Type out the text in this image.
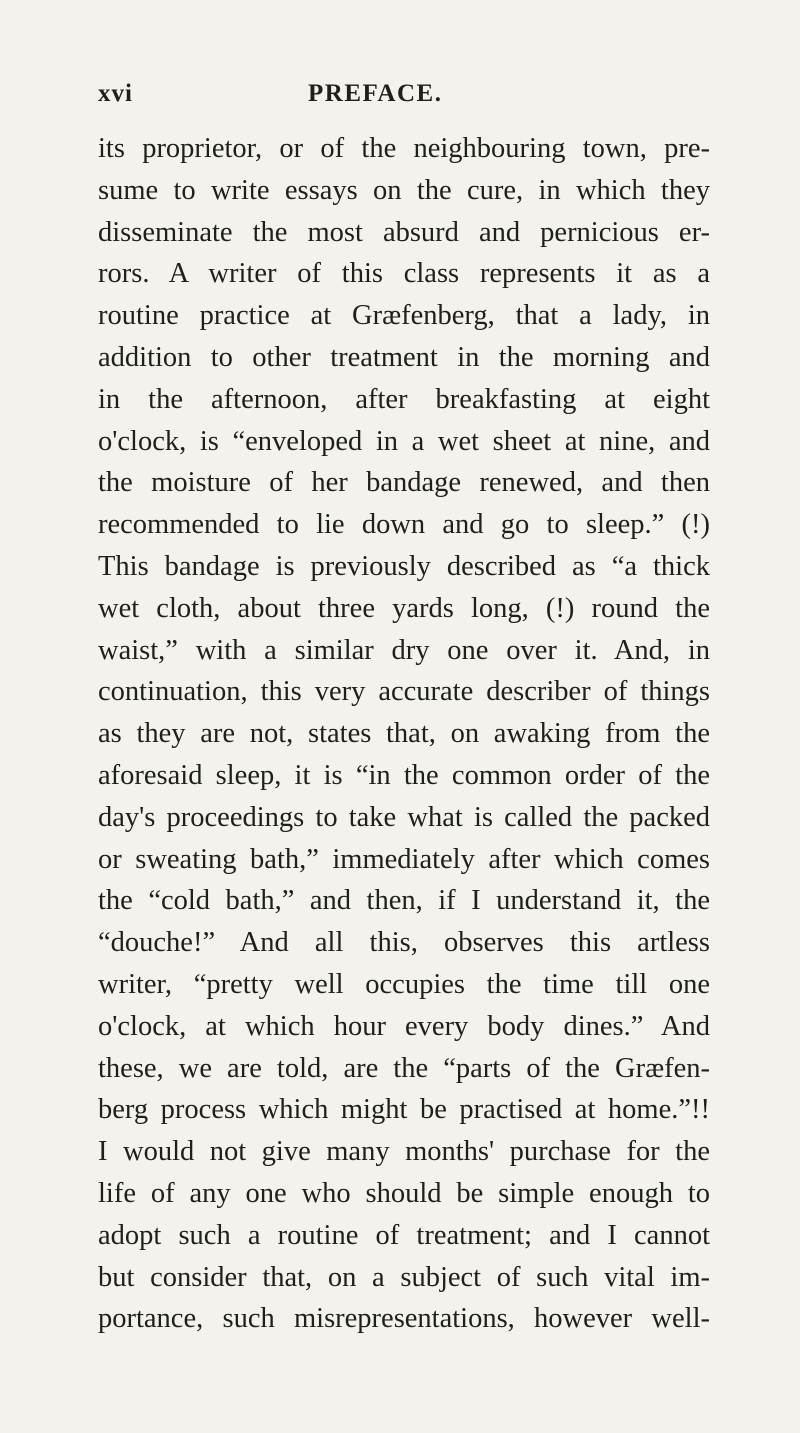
xvi	PREFACE.
its proprietor, or of the neighbouring town, pre-
sume to write essays on the cure, in which they
disseminate the most absurd and pernicious er-
rors. A writer of this class represents it as a
routine practice at Græfenberg, that a lady, in
addition to other treatment in the morning and
in the afternoon, after breakfasting at eight
o'clock, is “enveloped in a wet sheet at nine, and
the moisture of her bandage renewed, and then
recommended to lie down and go to sleep.” (!)
This bandage is previously described as “a thick
wet cloth, about three yards long, (!) round the
waist,” with a similar dry one over it. And, in
continuation, this very accurate describer of things
as they are not, states that, on awaking from the
aforesaid sleep, it is “in the common order of the
day's proceedings to take what is called the packed
or sweating bath,” immediately after which comes
the “cold bath,” and then, if I understand it, the
“douche!” And all this, observes this artless
writer, “pretty well occupies the time till one
o'clock, at which hour every body dines.” And
these, we are told, are the “parts of the Græfen-
berg process which might be practised at home.”!!
I would not give many months' purchase for the
life of any one who should be simple enough to
adopt such a routine of treatment; and I cannot
but consider that, on a subject of such vital im-
portance, such misrepresentations, however well-
